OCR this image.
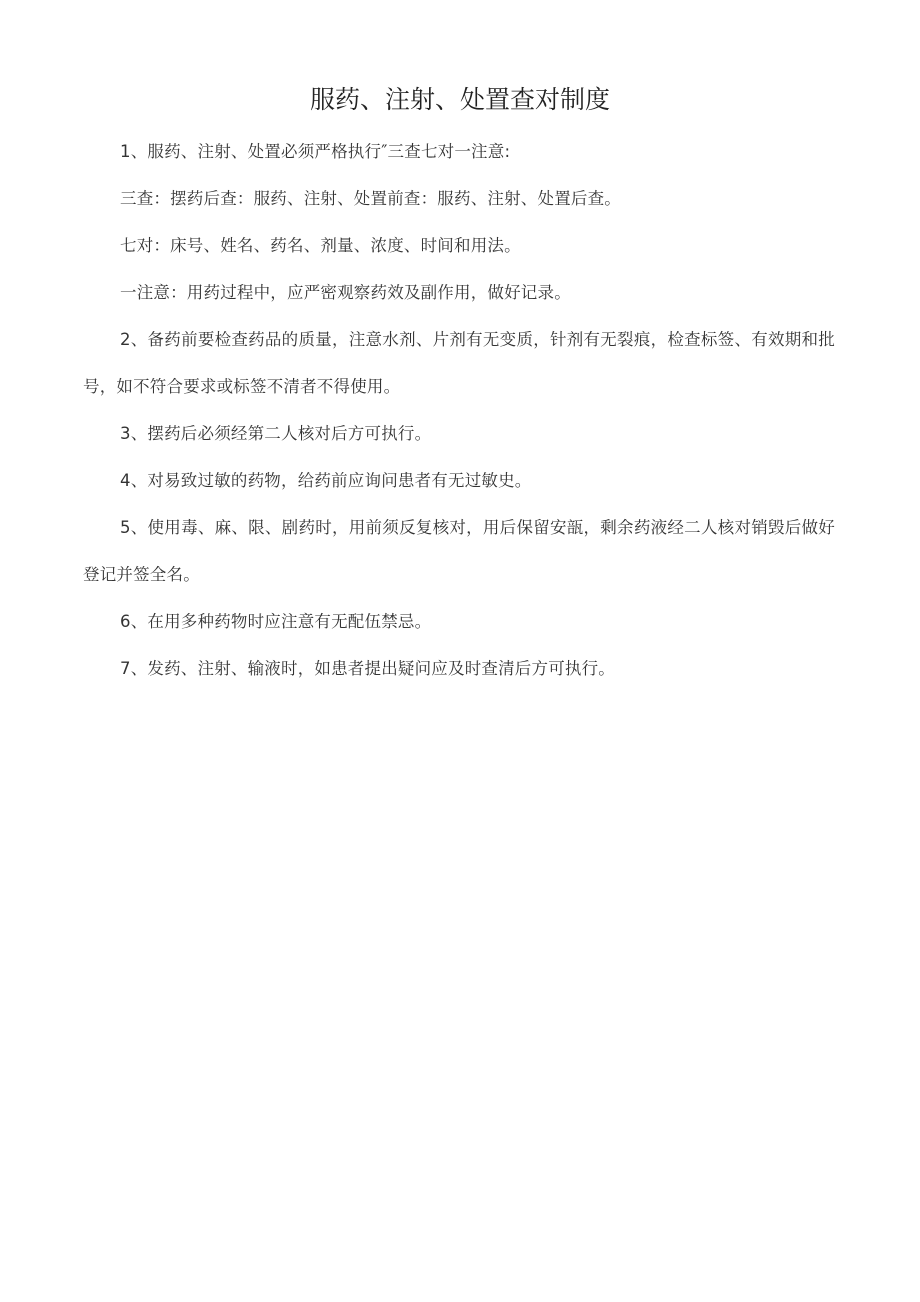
服药、注射、处置查对制度

1、服药、注射、处置必须严格执行″三查七对一注意:

三查：摆药后查：服药、注射、处置前查：服药、注射、处置后查。

七对：床号、姓名、药名、剂量、浓度、时间和用法。

一注意：用药过程中，应严密观察药效及副作用，做好记录。

2、备药前要检查药品的质量，注意水剂、片剂有无变质，针剂有无裂痕，检查标签、有效期和批号，如不符合要求或标签不清者不得使用。

3、摆药后必须经第二人核对后方可执行。

4、对易致过敏的药物，给药前应询问患者有无过敏史。

5、使用毒、麻、限、剧药时，用前须反复核对，用后保留安瓿，剩余药液经二人核对销毁后做好登记并签全名。

6、在用多种药物时应注意有无配伍禁忌。

7、发药、注射、输液时，如患者提出疑问应及时查清后方可执行。
